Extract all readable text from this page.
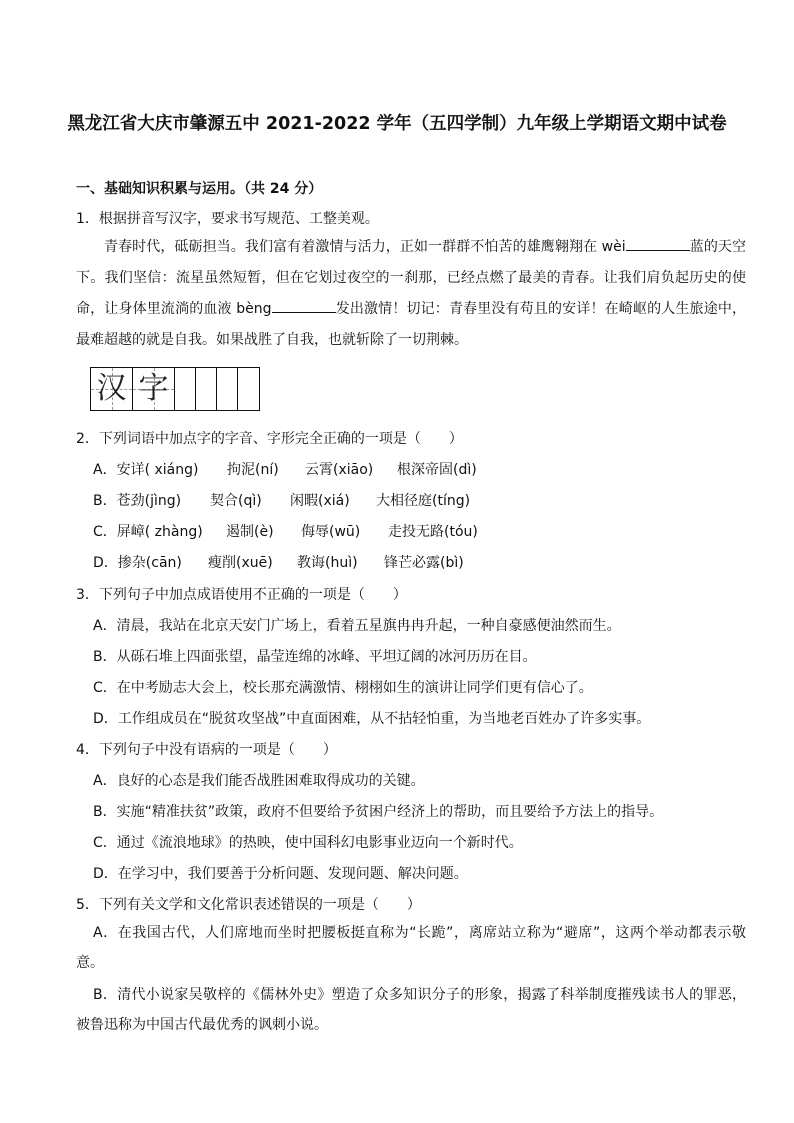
黑龙江省大庆市肇源五中 2021-2022 学年（五四学制）九年级上学期语文期中试卷
一、基础知识积累与运用。（共 24 分）
1．根据拼音写汉字，要求书写规范、工整美观。
青春时代，砥砺担当。我们富有着激情与活力，正如一群群不怕苦的雄鹰翱翔在 wèi	蓝的天空下。我们坚信：流星虽然短暂，但在它划过夜空的一刹那，已经点燃了最美的青春。让我们肩负起历史的使命，让身体里流淌的血液 bèng	发出激情！切记：青春里没有苟且的安详！在崎岖的人生旅途中，最难超越的就是自我。如果战胜了自我，也就斩除了一切荆棘。
汉 字
2．下列词语中加点字的字音、字形完全正确的一项是（　　）
A．安详( xiáng) 拘泥(ní) 云霄(xiāo) 根深帝固(dì)
B．苍劲(jìng) 契合(qì) 闲暇(xiá) 大相径庭(tíng)
C．屏嶂( zhàng) 遏制(è) 侮辱(wū) 走投无路(tóu)
D．掺杂(cān) 瘦削(xuē) 教诲(huì) 锋芒必露(bì)
3．下列句子中加点成语使用不正确的一项是（　　）
A．清晨，我站在北京天安门广场上，看着五星旗冉冉升起，一种自豪感便油然而生。
B．从砾石堆上四面张望，晶莹连绵的冰峰、平坦辽阔的冰河历历在目。
C．在中考励志大会上，校长那充满激情、栩栩如生的演讲让同学们更有信心了。
D．工作组成员在“脱贫攻坚战”中直面困难，从不拈轻怕重，为当地老百姓办了许多实事。
4．下列句子中没有语病的一项是（　　）
A．良好的心态是我们能否战胜困难取得成功的关键。
B．实施“精准扶贫”政策，政府不但要给予贫困户经济上的帮助，而且要给予方法上的指导。
C．通过《流浪地球》的热映，使中国科幻电影事业迈向一个新时代。
D．在学习中，我们要善于分析问题、发现问题、解决问题。
5．下列有关文学和文化常识表述错误的一项是（　　）
A．在我国古代，人们席地而坐时把腰板挺直称为“长跪”，离席站立称为“避席”，这两个举动都表示敬意。
B．清代小说家吴敬梓的《儒林外史》塑造了众多知识分子的形象，揭露了科举制度摧残读书人的罪恶，被鲁迅称为中国古代最优秀的讽刺小说。
